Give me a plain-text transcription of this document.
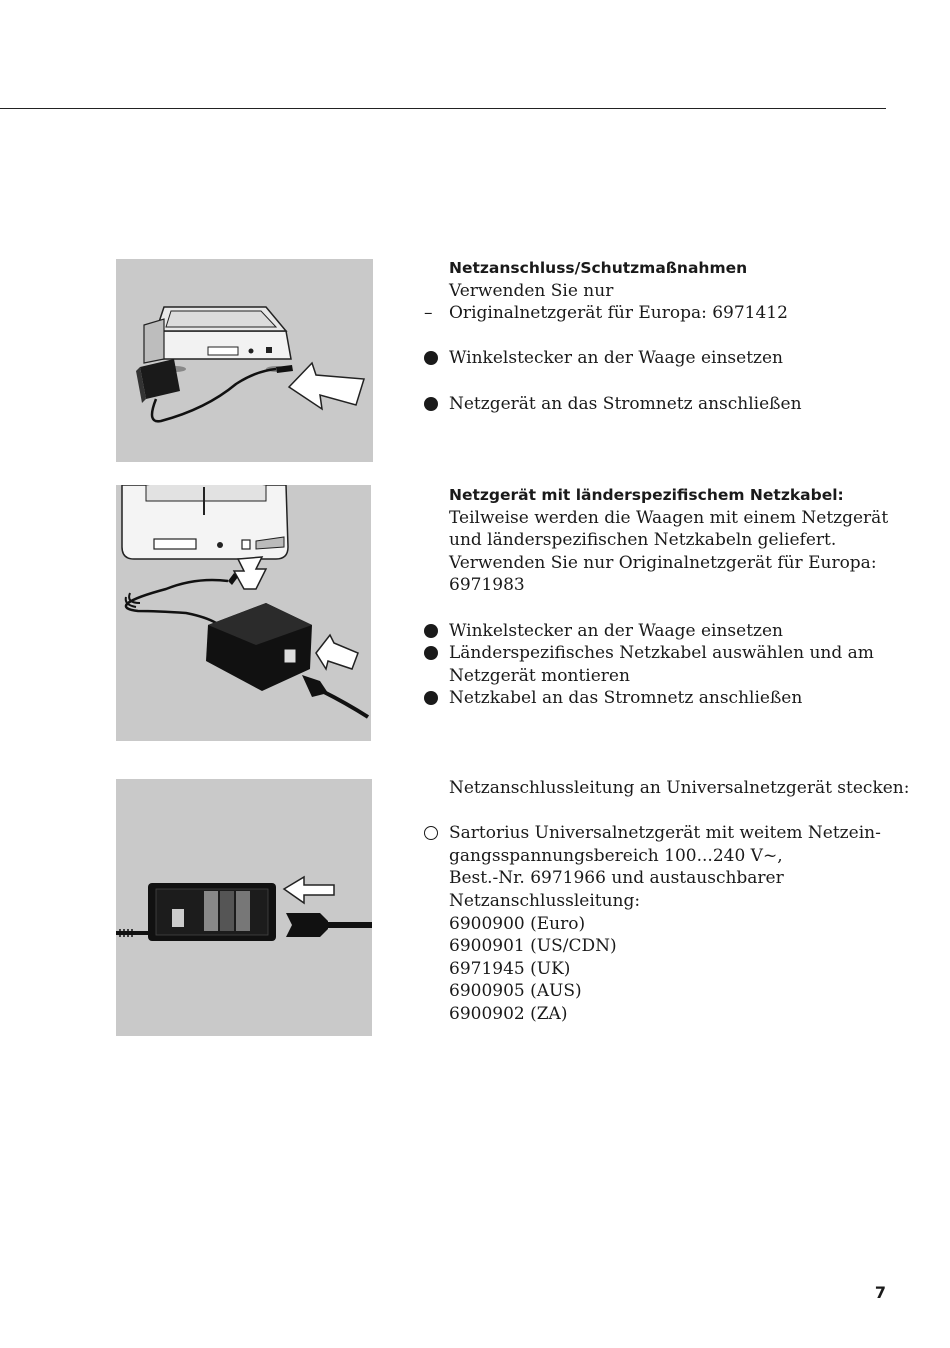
Netzanschluss/Schutzmaßnahmen
Verwenden Sie nur
– Originalnetzgerät für Europa: 6971412
Winkelstecker an der Waage einsetzen
Netzgerät an das Stromnetz anschließen
Netzgerät mit länderspezifischem Netzkabel:
Teilweise werden die Waagen mit einem Netzgerät
und länderspezifischen Netzkabeln geliefert.
Verwenden Sie nur Originalnetzgerät für Europa:
6971983
Winkelstecker an der Waage einsetzen
Länderspezifisches Netzkabel auswählen und am
Netzgerät montieren
Netzkabel an das Stromnetz anschließen
Netzanschlussleitung an Universalnetzgerät stecken:
Sartorius Universalnetzgerät mit weitem Netzein-
gangsspannungsbereich 100...240 V~,
Best.-Nr. 6971966 und austauschbarer
Netzanschlussleitung:
6900900 (Euro)
6900901 (US/CDN)
6971945 (UK)
6900905 (AUS)
6900902 (ZA)
7
